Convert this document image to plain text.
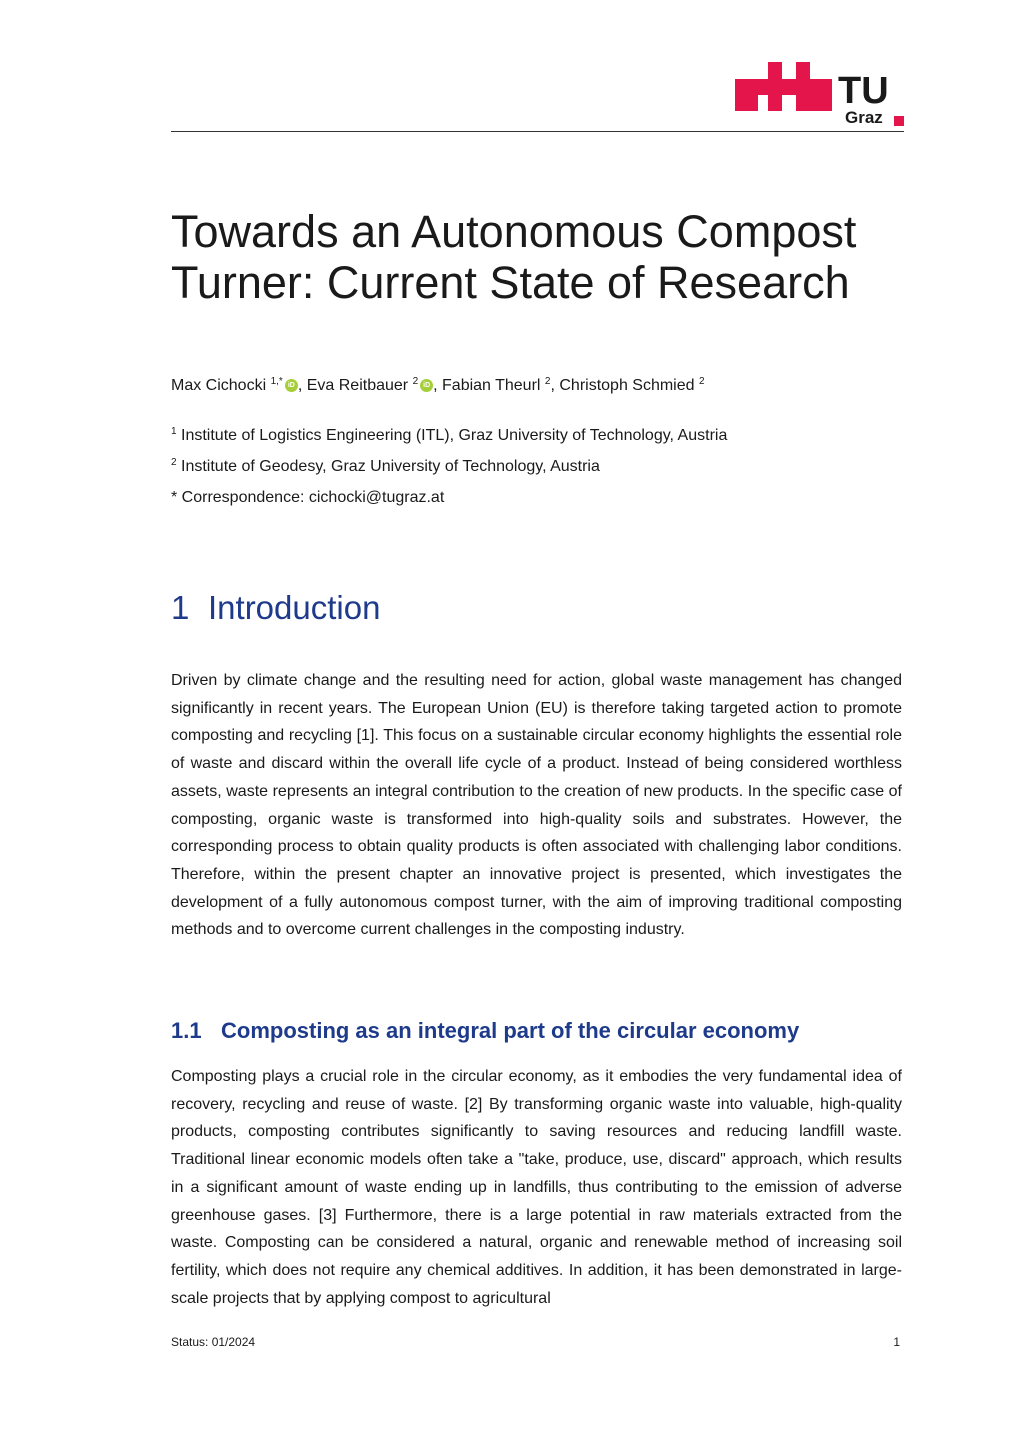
TU
Graz
Towards an Autonomous Compost Turner: Current State of Research
Max Cichocki $^{1,*}$ iD , Eva Reitbauer $^2$ iD , Fabian Theurl $^2$, Christoph Schmied $^2$
$^1$ Institute of Logistics Engineering (ITL), Graz University of Technology, Austria
$^2$ Institute of Geodesy, Graz University of Technology, Austria
* Correspondence: cichocki@tugraz.at
1 Introduction

Driven by climate change and the resulting need for action, global waste management has changed significantly in recent years. The European Union (EU) is therefore taking targeted action to promote composting and recycling [1]. This focus on a sustainable circular economy highlights the essential role of waste and discard within the overall life cycle of a product. Instead of being considered worthless assets, waste represents an integral contribution to the creation of new products. In the specific case of composting, organic waste is transformed into high-quality soils and substrates. However, the corresponding process to obtain quality products is often associated with challenging labor conditions. Therefore, within the present chapter an innovative project is presented, which investigates the development of a fully autonomous compost turner, with the aim of improving traditional composting methods and to overcome current challenges in the composting industry.

1.1 Composting as an integral part of the circular economy

Composting plays a crucial role in the circular economy, as it embodies the very fundamental idea of recovery, recycling and reuse of waste. [2] By transforming organic waste into valuable, high-quality products, composting contributes significantly to saving resources and reducing landfill waste. Traditional linear economic models often take a "take, produce, use, discard" approach, which results in a significant amount of waste ending up in landfills, thus contributing to the emission of adverse greenhouse gases. [3] Furthermore, there is a large potential in raw materials extracted from the waste. Composting can be considered a natural, organic and renewable method of increasing soil fertility, which does not require any chemical additives. In addition, it has been demonstrated in large-scale projects that by applying compost to agricultural

Status: 01/2024	1
